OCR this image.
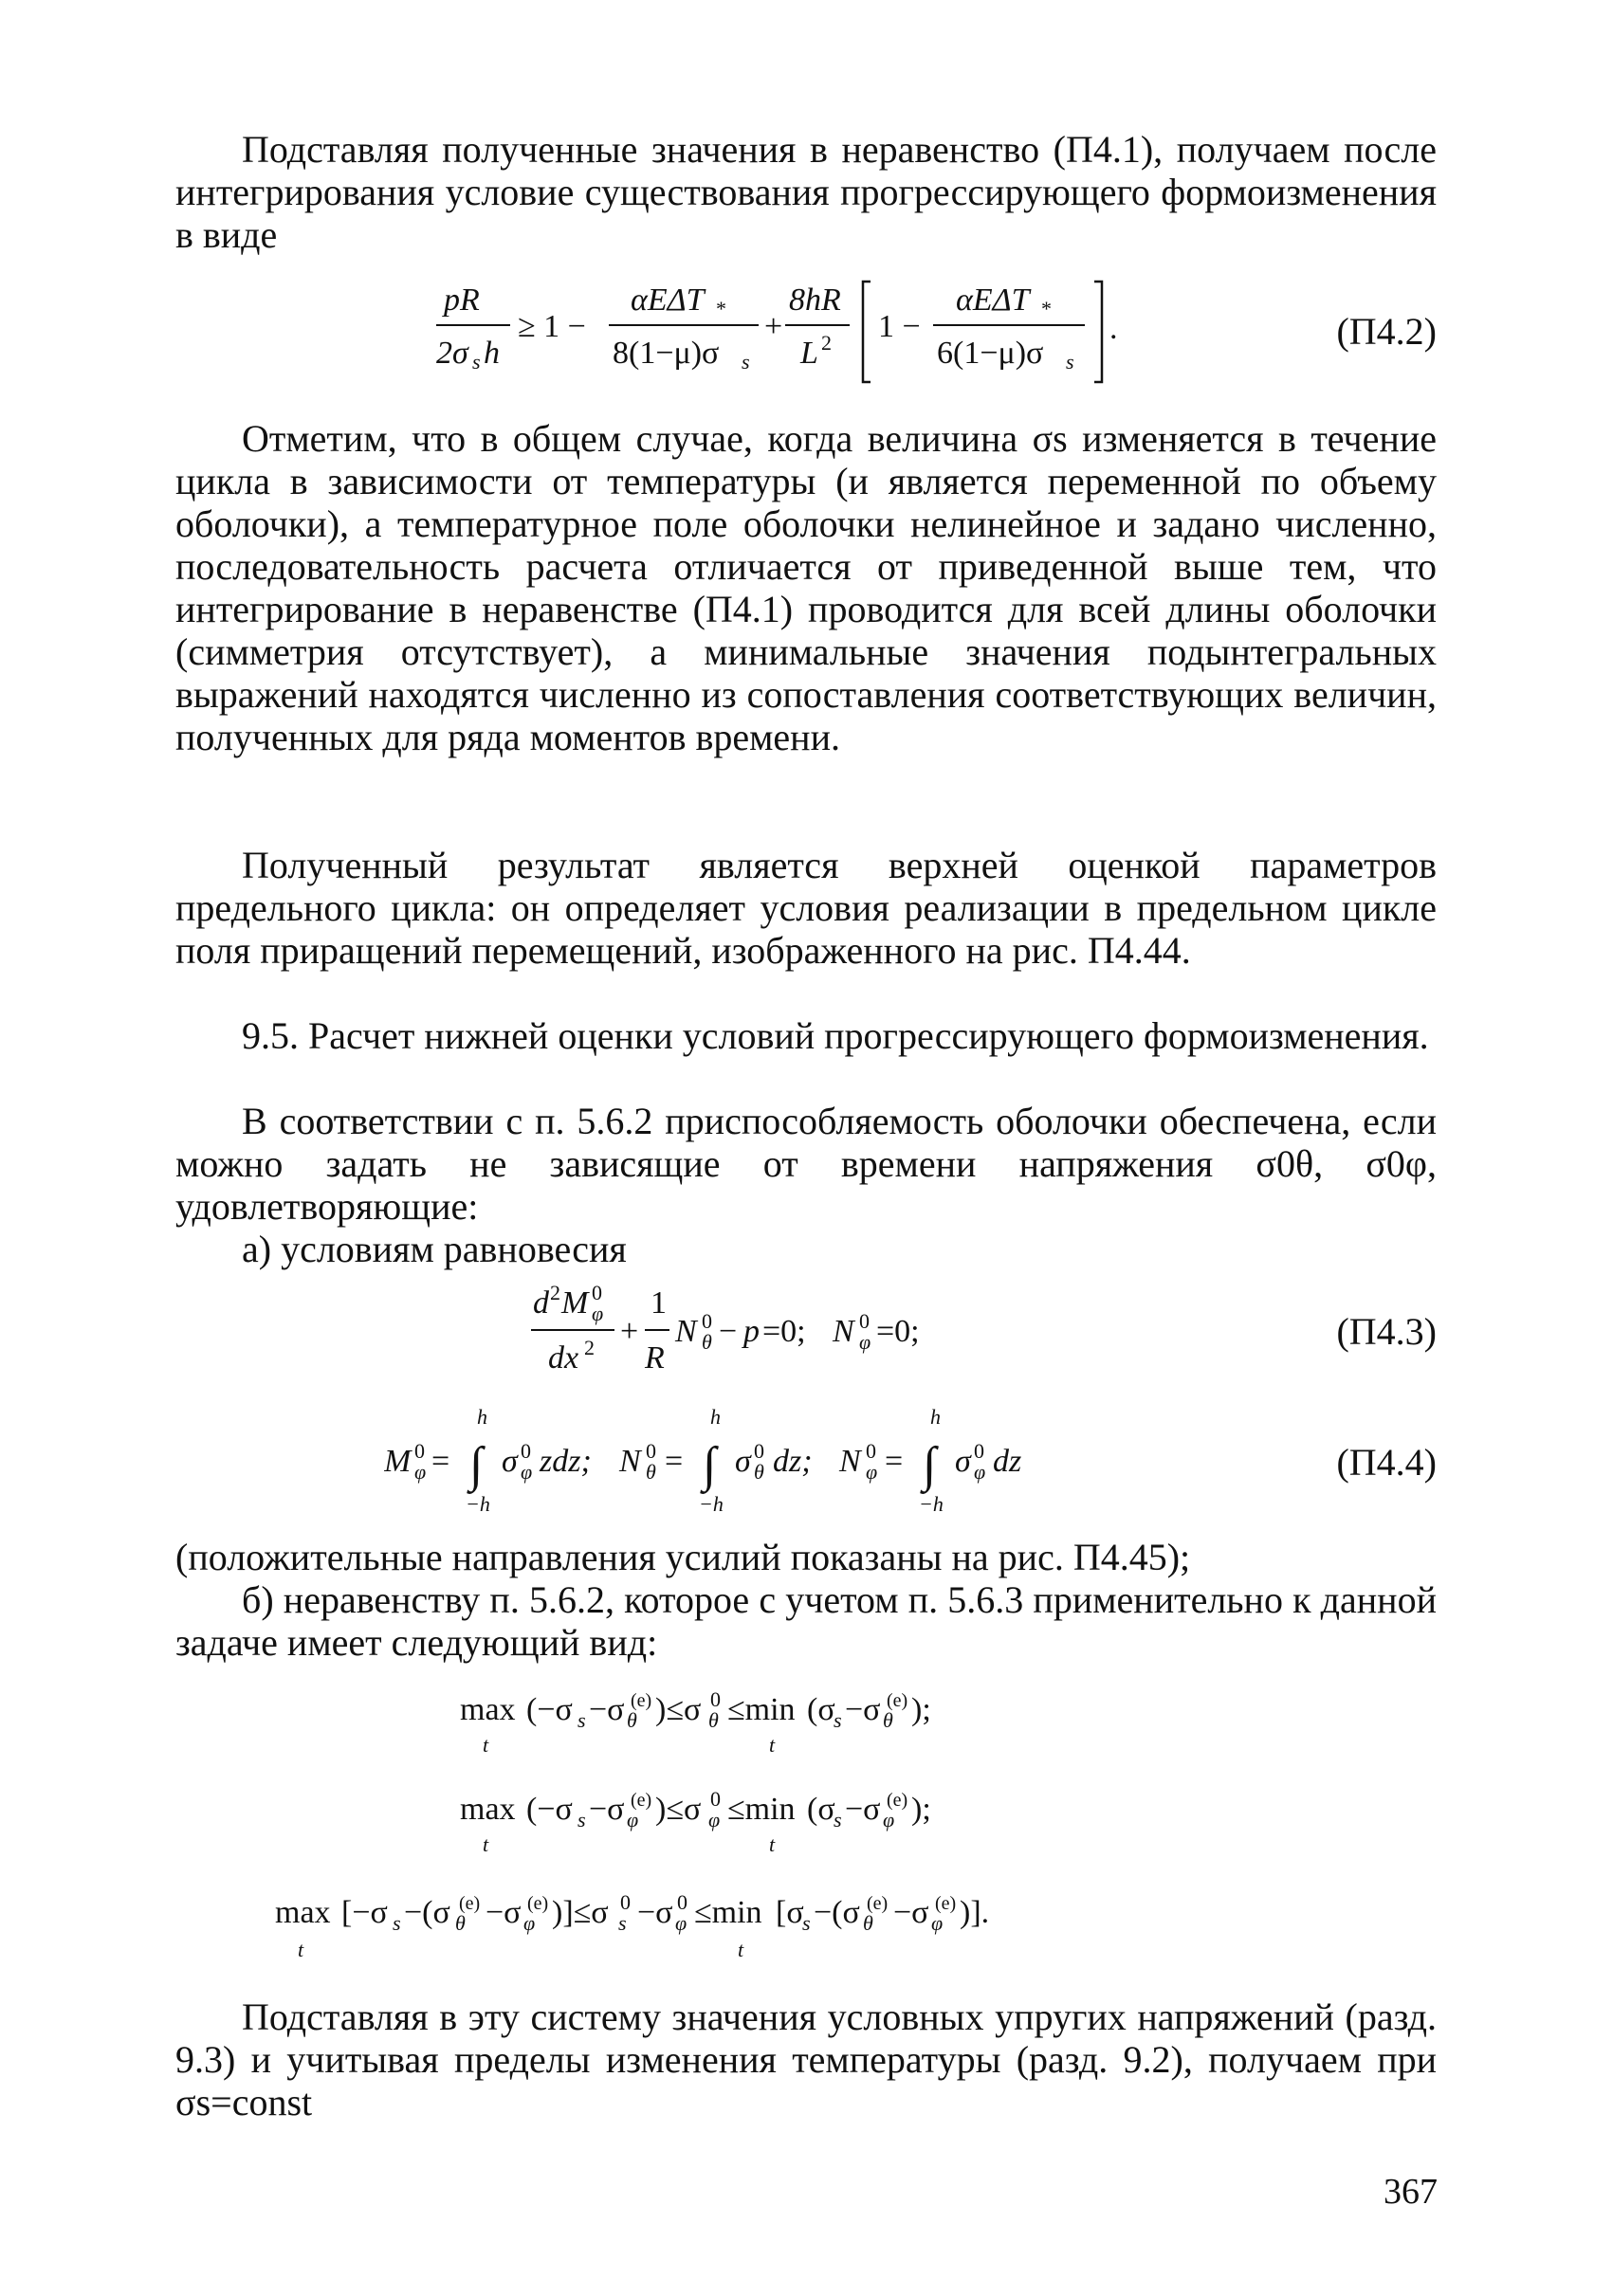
Подставляя полученные значения в неравенство (П4.1), получаем после интегрирования условие существования прогрессирующего формоизменения в виде
pR
2σ s h
≥ 1 −
αEΔT *
8(1−μ)σ s
+
8hR
L 2 1 −
αEΔT *
6(1−μ)σ s
.	(П4.2)
Отметим, что в общем случае, когда величина σs изменяется в течение цикла в зависимости от температуры (и является переменной по объему оболочки), а температурное поле оболочки нелинейное и задано численно, последовательность расчета отличается от приведенной выше тем, что интегрирование в неравенстве (П4.1) проводится для всей длины оболочки (симметрия отсутствует), а минимальные значения подынтегральных выражений находятся численно из сопоставления соответствующих величин, полученных для ряда моментов времени.
Полученный результат является верхней оценкой параметров предельного цикла: он определяет условия реализации в предельном цикле поля приращений перемещений, изображенного на рис. П4.44.
9.5. Расчет нижней оценки условий прогрессирующего формоизменения.
В соответствии с п. 5.6.2 приспособляемость оболочки обеспечена, если можно задать не зависящие от времени напряжения σ0θ, σ0φ, удовлетворяющие:
а) условиям равновесия
d 2 M 0
φ
dx 2 +
1
R
N 0
θ − p =0; N 0
φ =0;	(П4.3)
M 0
φ =
h
∫
−h
σ 0
φ zdz; N 0
θ =
h
∫
−h
σ 0
θ dz; N 0
φ =
h
∫
−h
σ 0
φ dz	(П4.4)
(положительные направления усилий показаны на рис. П4.45);
б) неравенству п. 5.6.2, которое с учетом п. 5.6.3 применительно к данной задаче имеет следующий вид:
max
t
(−σ s −σ θ
(e) )≤σ θ
0 ≤min
t
(σ
s −σ θ
(e) );
max
t
(−σ s −σ φ
(e) )≤σ φ
0 ≤min
t
(σ
s −σ φ
(e) );
max
t
[−σ s −(σ θ
(e) −σ φ
(e) )]≤σ s
0 −σ φ
0 ≤min
t
[σ
s −(σ θ
(e) −σ φ
(e) )].
Подставляя в эту систему значения условных упругих напряжений (разд. 9.3) и учитывая пределы изменения температуры (разд. 9.2), получаем при σs=const
367
